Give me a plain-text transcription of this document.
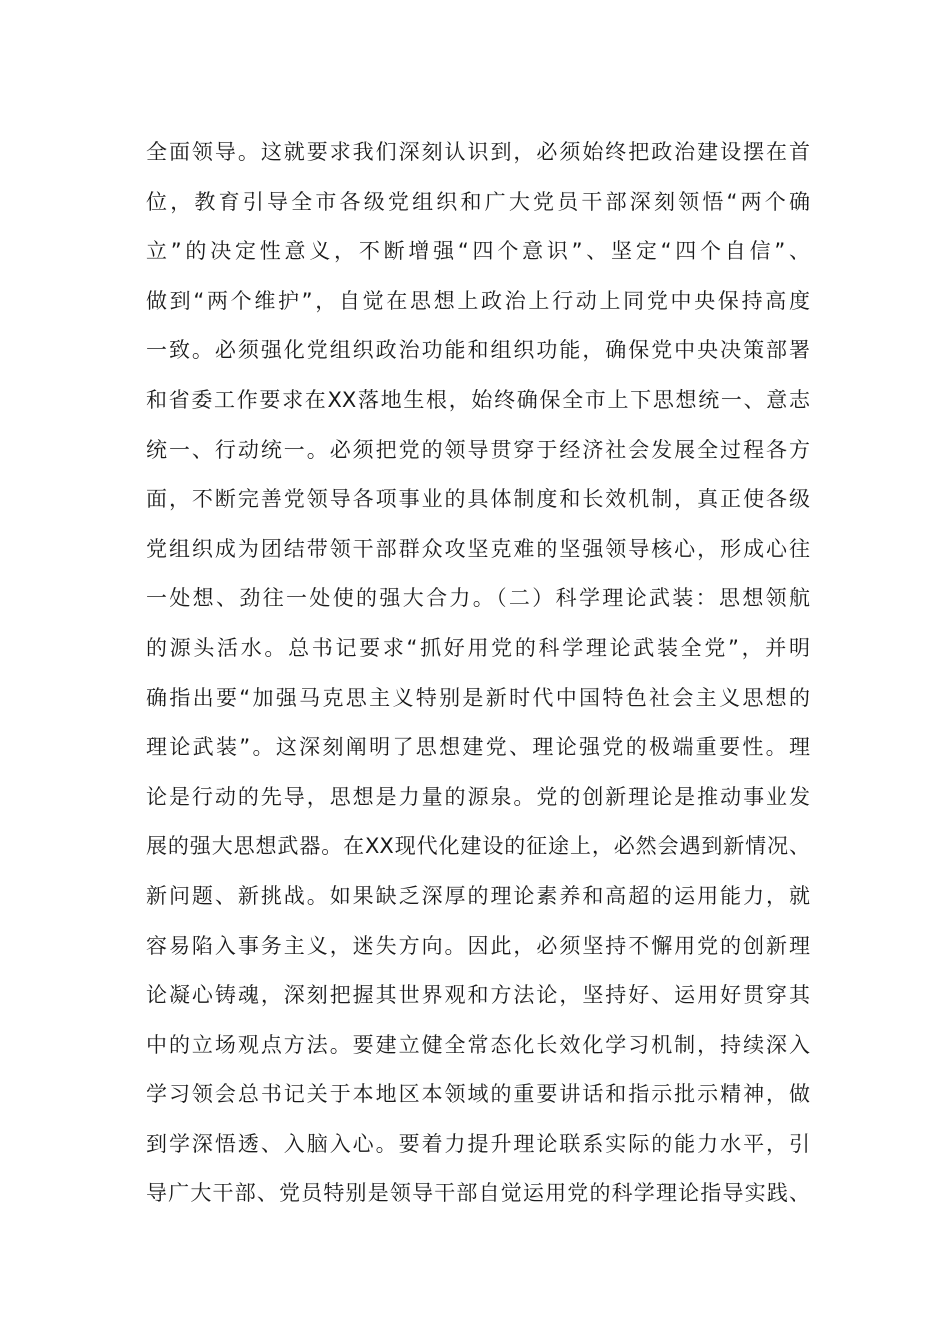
全面领导。这就要求我们深刻认识到，必须始终把政治建设摆在首
位，教育引导全市各级党组织和广大党员干部深刻领悟“两个确
立”的决定性意义，不断增强“四个意识”、坚定“四个自信”、
做到“两个维护”，自觉在思想上政治上行动上同党中央保持高度
一致。必须强化党组织政治功能和组织功能，确保党中央决策部署
和省委工作要求在XX落地生根，始终确保全市上下思想统一、意志
统一、行动统一。必须把党的领导贯穿于经济社会发展全过程各方
面，不断完善党领导各项事业的具体制度和长效机制，真正使各级
党组织成为团结带领干部群众攻坚克难的坚强领导核心，形成心往
一处想、劲往一处使的强大合力。（二）科学理论武装：思想领航
的源头活水。总书记要求“抓好用党的科学理论武装全党”，并明
确指出要“加强马克思主义特别是新时代中国特色社会主义思想的
理论武装”。这深刻阐明了思想建党、理论强党的极端重要性。理
论是行动的先导，思想是力量的源泉。党的创新理论是推动事业发
展的强大思想武器。在XX现代化建设的征途上，必然会遇到新情况、
新问题、新挑战。如果缺乏深厚的理论素养和高超的运用能力，就
容易陷入事务主义，迷失方向。因此，必须坚持不懈用党的创新理
论凝心铸魂，深刻把握其世界观和方法论，坚持好、运用好贯穿其
中的立场观点方法。要建立健全常态化长效化学习机制，持续深入
学习领会总书记关于本地区本领域的重要讲话和指示批示精神，做
到学深悟透、入脑入心。要着力提升理论联系实际的能力水平，引
导广大干部、党员特别是领导干部自觉运用党的科学理论指导实践、
